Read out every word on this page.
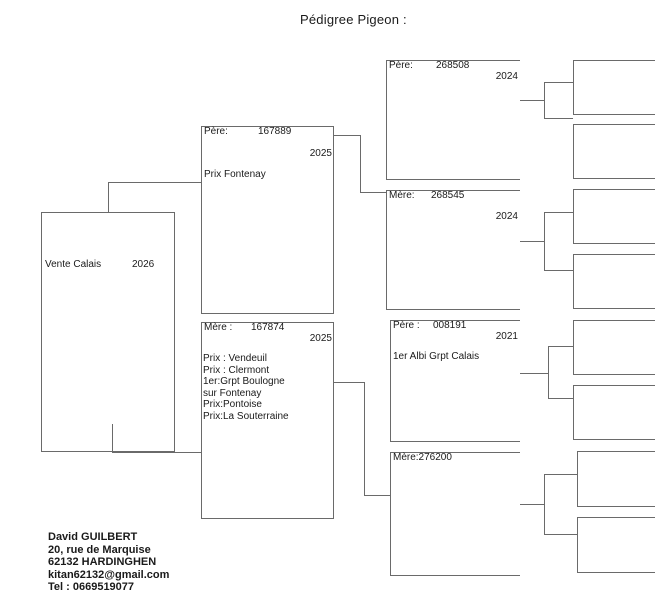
Pédigree Pigeon :
Vente Calais	2026
Père:	167889
2025
Prix Fontenay
Mère : 167874
2025
Prix : Vendeuil
Prix : Clermont
1er:Grpt Boulogne
sur Fontenay
Prix:Pontoise
Prix:La Souterraine
Père: 268508
2024
Mère: 268545
2024
Père : 008191
2021
1er Albi Grpt Calais
Mère:276200
David GUILBERT
20, rue de Marquise
62132 HARDINGHEN
kitan62132@gmail.com
Tel : 0669519077
